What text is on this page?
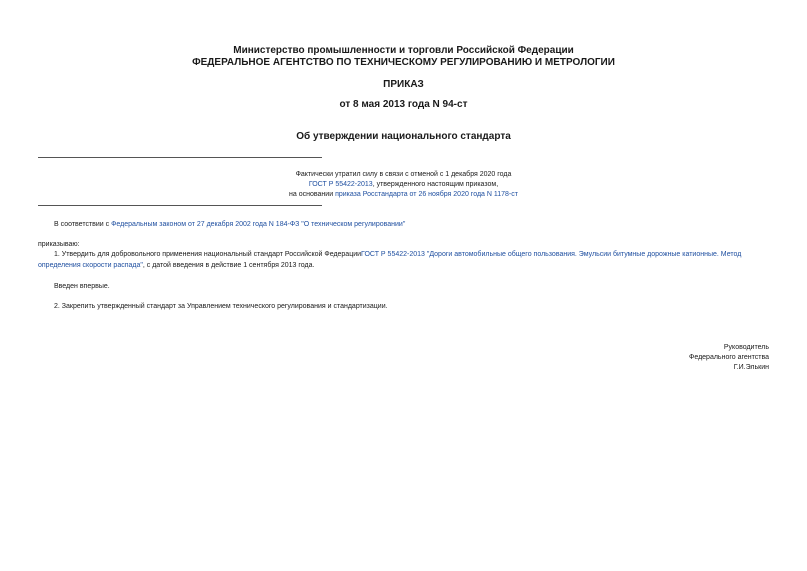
Министерство промышленности и торговли Российской Федерации
ФЕДЕРАЛЬНОЕ АГЕНТСТВО ПО ТЕХНИЧЕСКОМУ РЕГУЛИРОВАНИЮ И МЕТРОЛОГИИ
ПРИКАЗ
от 8 мая 2013 года N 94-ст
Об утверждении национального стандарта
Фактически утратил силу в связи с отменой с 1 декабря 2020 года
ГОСТ Р 55422-2013, утвержденного настоящим приказом,
на основании приказа Росстандарта от 26 ноября 2020 года N 1178-ст
В соответствии с Федеральным законом от 27 декабря 2002 года N 184-ФЗ "О техническом регулировании"
приказываю:
1. Утвердить для добровольного применения национальный стандарт Российской ФедерацииГОСТ Р 55422-2013 "Дороги автомобильные общего пользования. Эмульсии битумные дорожные катионные. Метод
определения скорости распада", с датой введения в действие 1 сентября 2013 года.
Введен впервые.
2. Закрепить утвержденный стандарт за Управлением технического регулирования и стандартизации.
Руководитель
Федерального агентства
Г.И.Элькин
